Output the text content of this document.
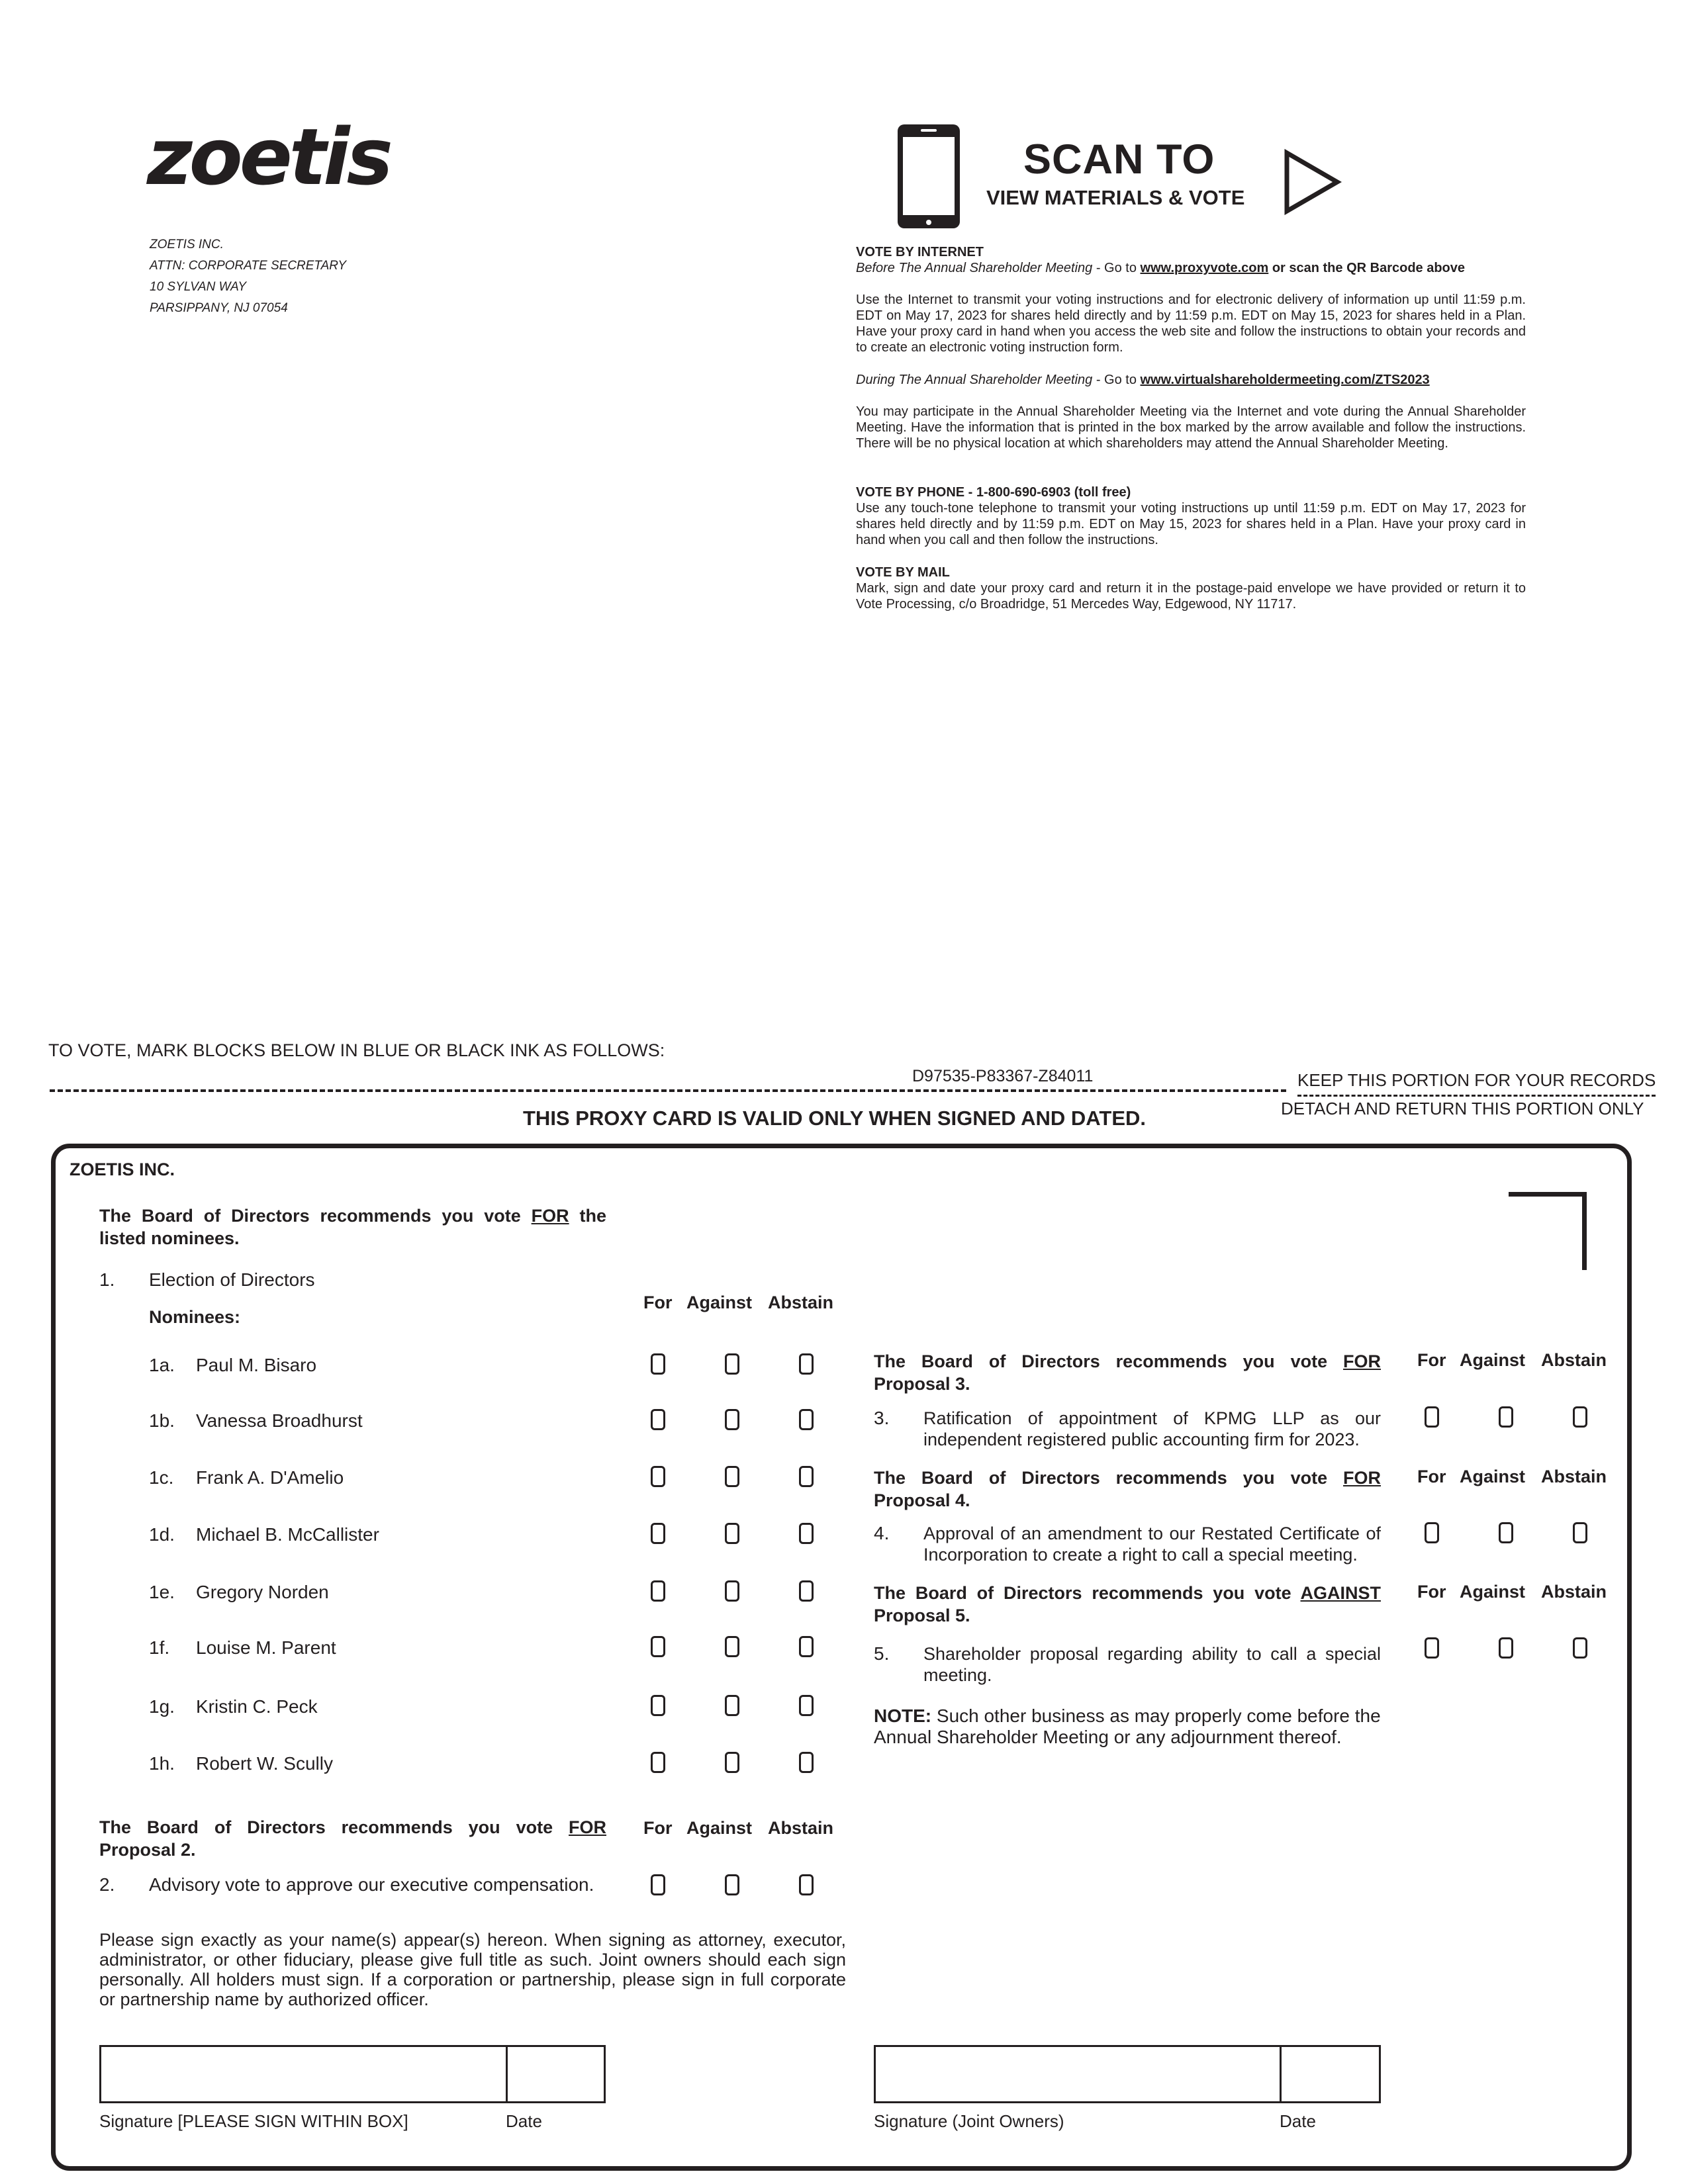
zoetis
ZOETIS INC.
ATTN: CORPORATE SECRETARY
10 SYLVAN WAY
PARSIPPANY, NJ 07054
SCAN TO
VIEW MATERIALS & VOTE
VOTE BY INTERNET
Before The Annual Shareholder Meeting - Go to www.proxyvote.com or scan the QR Barcode above
Use the Internet to transmit your voting instructions and for electronic delivery of information up until 11:59 p.m. EDT on May 17, 2023 for shares held directly and by 11:59 p.m. EDT on May 15, 2023 for shares held in a Plan. Have your proxy card in hand when you access the web site and follow the instructions to obtain your records and to create an electronic voting instruction form.
During The Annual Shareholder Meeting - Go to www.virtualshareholdermeeting.com/ZTS2023
You may participate in the Annual Shareholder Meeting via the Internet and vote during the Annual Shareholder Meeting. Have the information that is printed in the box marked by the arrow available and follow the instructions. There will be no physical location at which shareholders may attend the Annual Shareholder Meeting.
VOTE BY PHONE - 1-800-690-6903 (toll free)
Use any touch-tone telephone to transmit your voting instructions up until 11:59 p.m. EDT on May 17, 2023 for shares held directly and by 11:59 p.m. EDT on May 15, 2023 for shares held in a Plan. Have your proxy card in hand when you call and then follow the instructions.
VOTE BY MAIL
Mark, sign and date your proxy card and return it in the postage-paid envelope we have provided or return it to Vote Processing, c/o Broadridge, 51 Mercedes Way, Edgewood, NY 11717.
TO VOTE, MARK BLOCKS BELOW IN BLUE OR BLACK INK AS FOLLOWS:
D97535-P83367-Z84011	KEEP THIS PORTION FOR YOUR RECORDS
THIS PROXY CARD IS VALID ONLY WHEN SIGNED AND DATED.	DETACH AND RETURN THIS PORTION ONLY
ZOETIS INC.
The Board of Directors recommends you vote FOR the listed nominees.
1. Election of Directors
Nominees:
For Against Abstain
1a. Paul M. Bisaro
1b. Vanessa Broadhurst
1c. Frank A. D'Amelio
1d. Michael B. McCallister
1e. Gregory Norden
1f. Louise M. Parent
1g. Kristin C. Peck
1h. Robert W. Scully
The Board of Directors recommends you vote FOR Proposal 2.
For Against Abstain
2. Advisory vote to approve our executive compensation.
The Board of Directors recommends you vote FOR Proposal 3.
For Against Abstain
3. Ratification of appointment of KPMG LLP as our independent registered public accounting firm for 2023.
The Board of Directors recommends you vote FOR Proposal 4.
For Against Abstain
4. Approval of an amendment to our Restated Certificate of Incorporation to create a right to call a special meeting.
The Board of Directors recommends you vote AGAINST Proposal 5.
For Against Abstain
5. Shareholder proposal regarding ability to call a special meeting.
NOTE: Such other business as may properly come before the Annual Shareholder Meeting or any adjournment thereof.
Please sign exactly as your name(s) appear(s) hereon. When signing as attorney, executor, administrator, or other fiduciary, please give full title as such. Joint owners should each sign personally. All holders must sign. If a corporation or partnership, please sign in full corporate or partnership name by authorized officer.
Signature [PLEASE SIGN WITHIN BOX]	Date	Signature (Joint Owners)	Date
